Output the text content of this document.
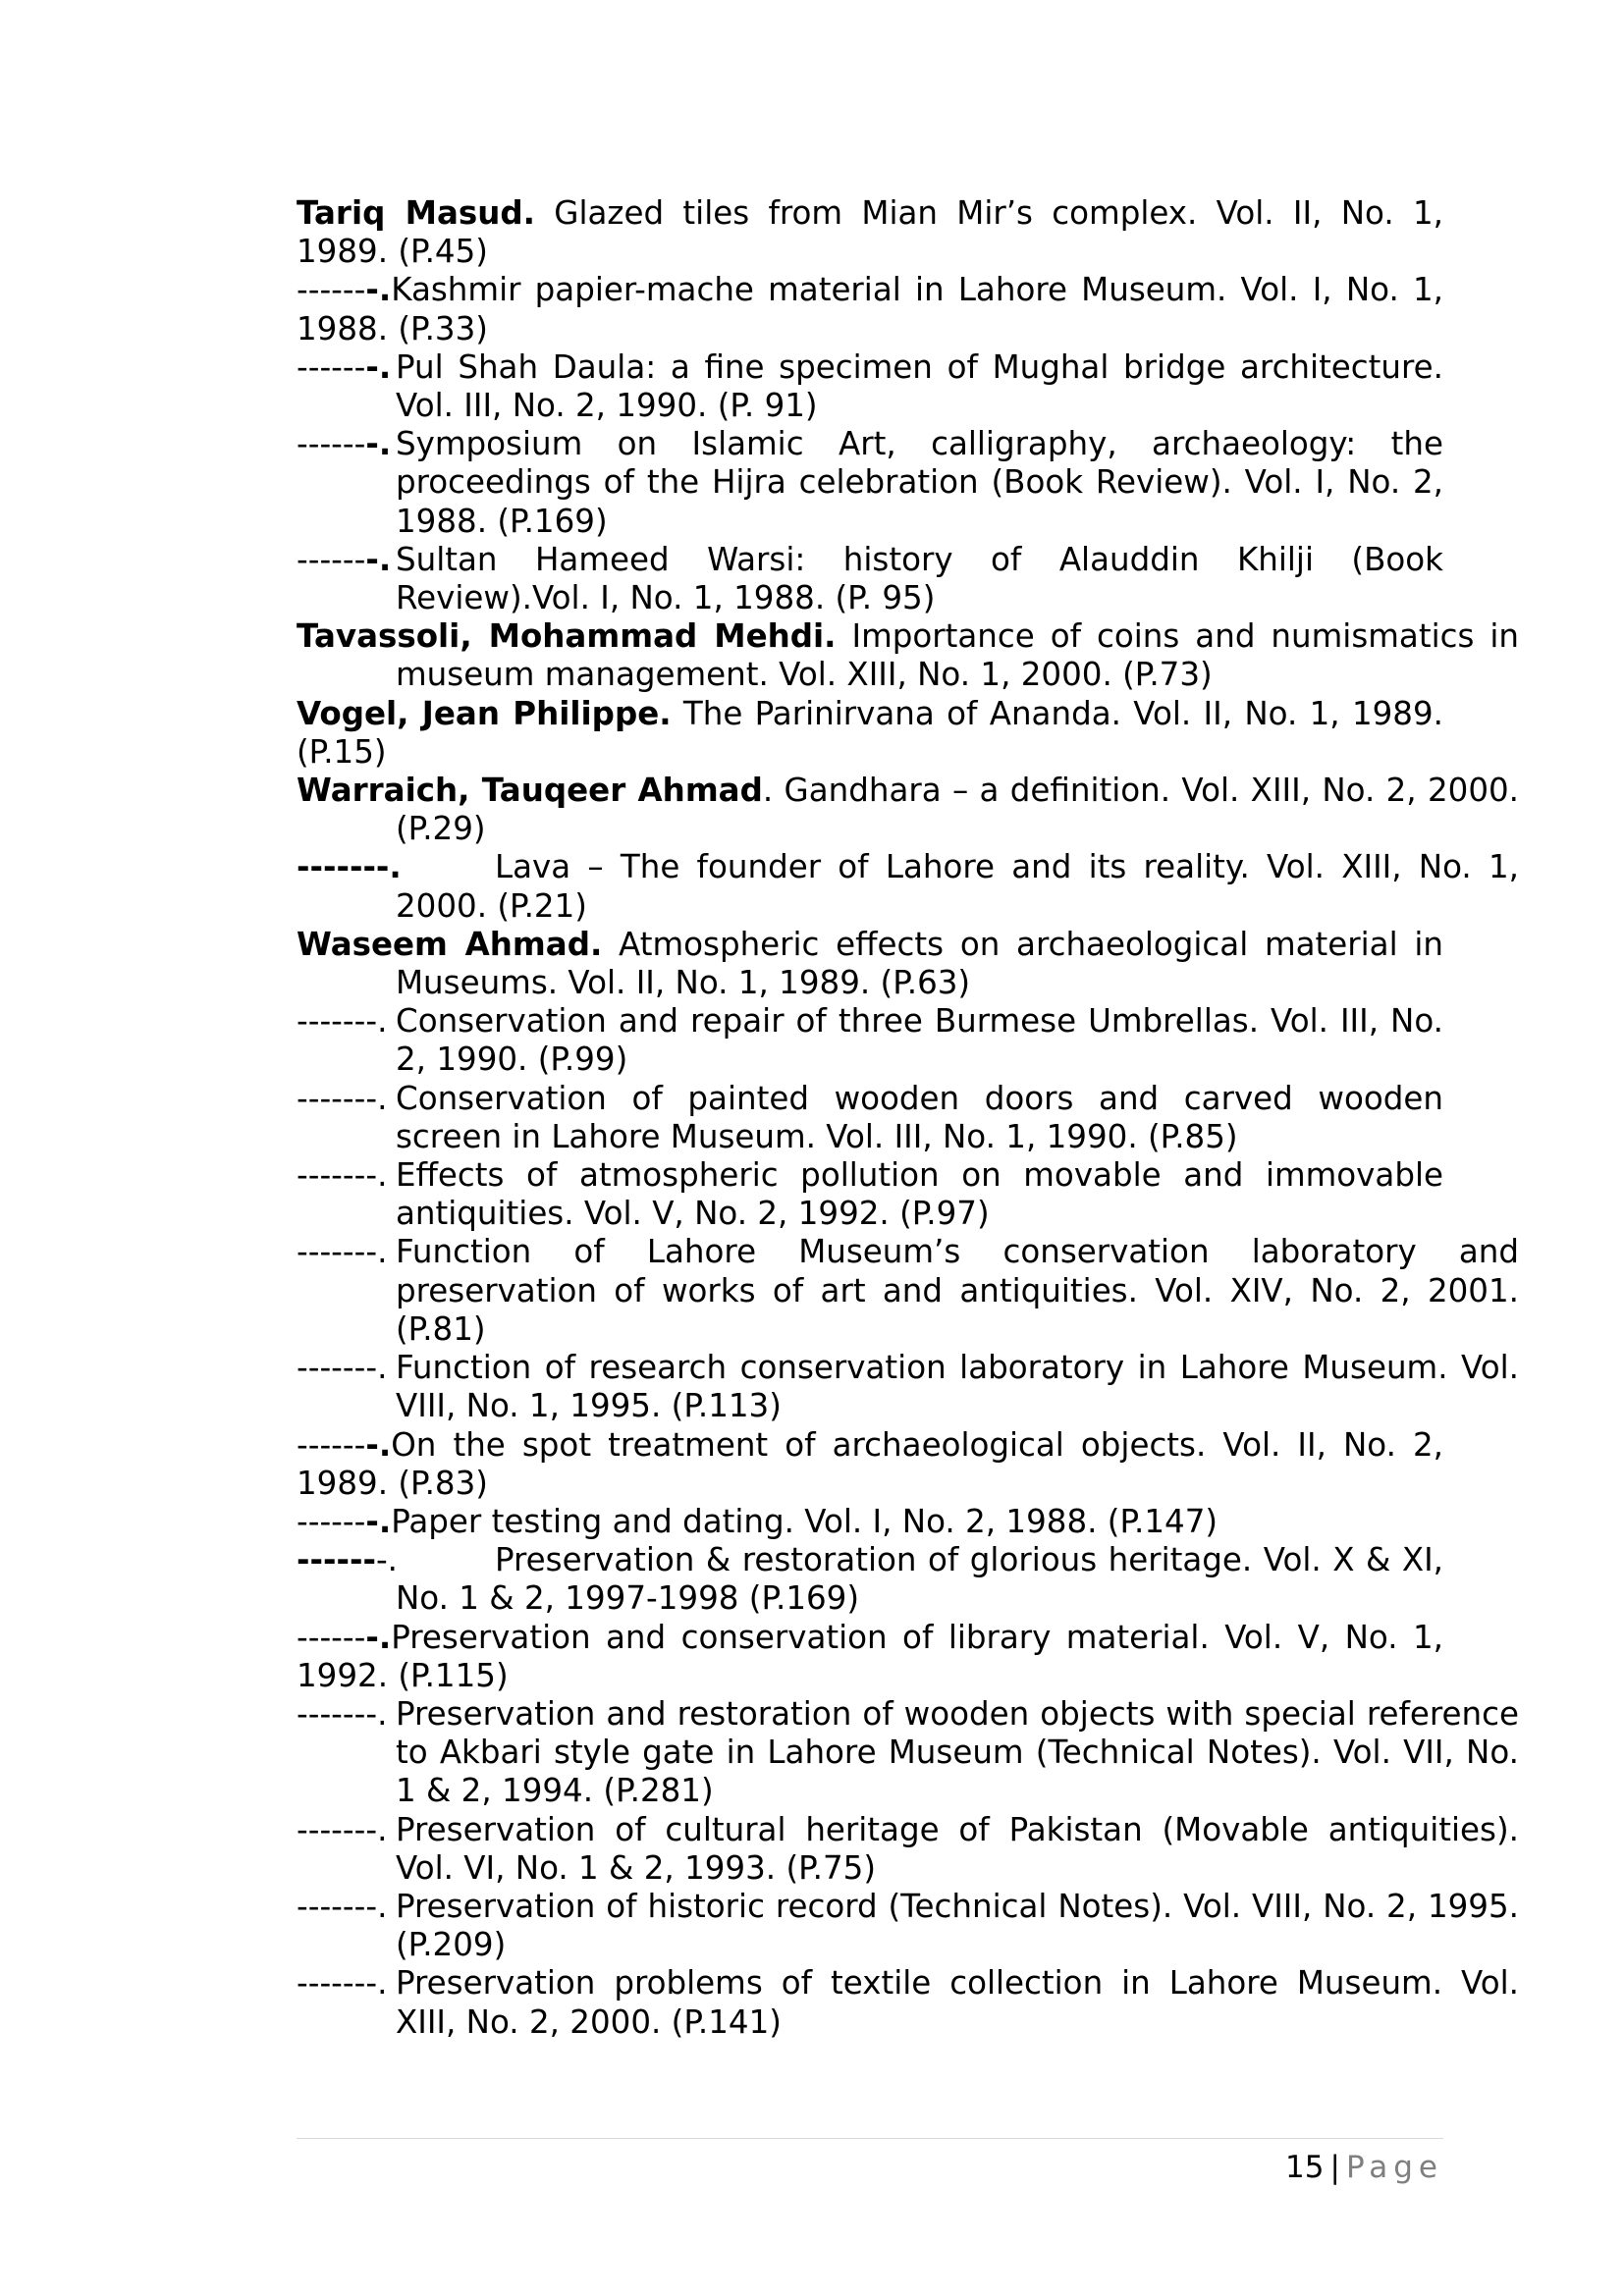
Tariq Masud. Glazed tiles from Mian Mir’s complex. Vol. II, No. 1, 1989. (P.45)
-------.Kashmir papier-mache material in Lahore Museum. Vol. I, No. 1, 1988. (P.33)
-------. Pul Shah Daula: a fine specimen of Mughal bridge architecture. Vol. III, No. 2, 1990. (P. 91)
-------. Symposium on Islamic Art, calligraphy, archaeology: the proceedings of the Hijra celebration (Book Review). Vol. I, No. 2, 1988. (P.169)
-------. Sultan Hameed Warsi: history of Alauddin Khilji (Book Review).Vol. I, No. 1, 1988. (P. 95)
Tavassoli, Mohammad Mehdi. Importance of coins and numismatics in museum management. Vol. XIII, No. 1, 2000. (P.73)
Vogel, Jean Philippe. The Parinirvana of Ananda. Vol. II, No. 1, 1989. (P.15)
Warraich, Tauqeer Ahmad. Gandhara – a definition. Vol. XIII, No. 2, 2000. (P.29)
-------.	Lava – The founder of Lahore and its reality. Vol. XIII, No. 1, 2000. (P.21)
Waseem Ahmad. Atmospheric effects on archaeological material in Museums. Vol. II, No. 1, 1989. (P.63)
-------. Conservation and repair of three Burmese Umbrellas. Vol. III, No. 2, 1990. (P.99)
-------. Conservation of painted wooden doors and carved wooden screen in Lahore Museum. Vol. III, No. 1, 1990. (P.85)
-------. Effects of atmospheric pollution on movable and immovable antiquities. Vol. V, No. 2, 1992. (P.97)
-------. Function of Lahore Museum’s conservation laboratory and preservation of works of art and antiquities. Vol. XIV, No. 2, 2001. (P.81)
-------. Function of research conservation laboratory in Lahore Museum. Vol. VIII, No. 1, 1995. (P.113)
-------.On the spot treatment of archaeological objects. Vol. II, No. 2, 1989. (P.83)
-------.Paper testing and dating. Vol. I, No. 2, 1988. (P.147)
-------.	Preservation & restoration of glorious heritage. Vol. X & XI, No. 1 & 2, 1997-1998 (P.169)
-------.Preservation and conservation of library material. Vol. V, No. 1, 1992. (P.115)
-------. Preservation and restoration of wooden objects with special reference to Akbari style gate in Lahore Museum (Technical Notes). Vol. VII, No. 1 & 2, 1994. (P.281)
-------. Preservation of cultural heritage of Pakistan (Movable antiquities). Vol. VI, No. 1 & 2, 1993. (P.75)
-------. Preservation of historic record (Technical Notes). Vol. VIII, No. 2, 1995. (P.209)
-------. Preservation problems of textile collection in Lahore Museum. Vol. XIII, No. 2, 2000. (P.141)
15 | Page
